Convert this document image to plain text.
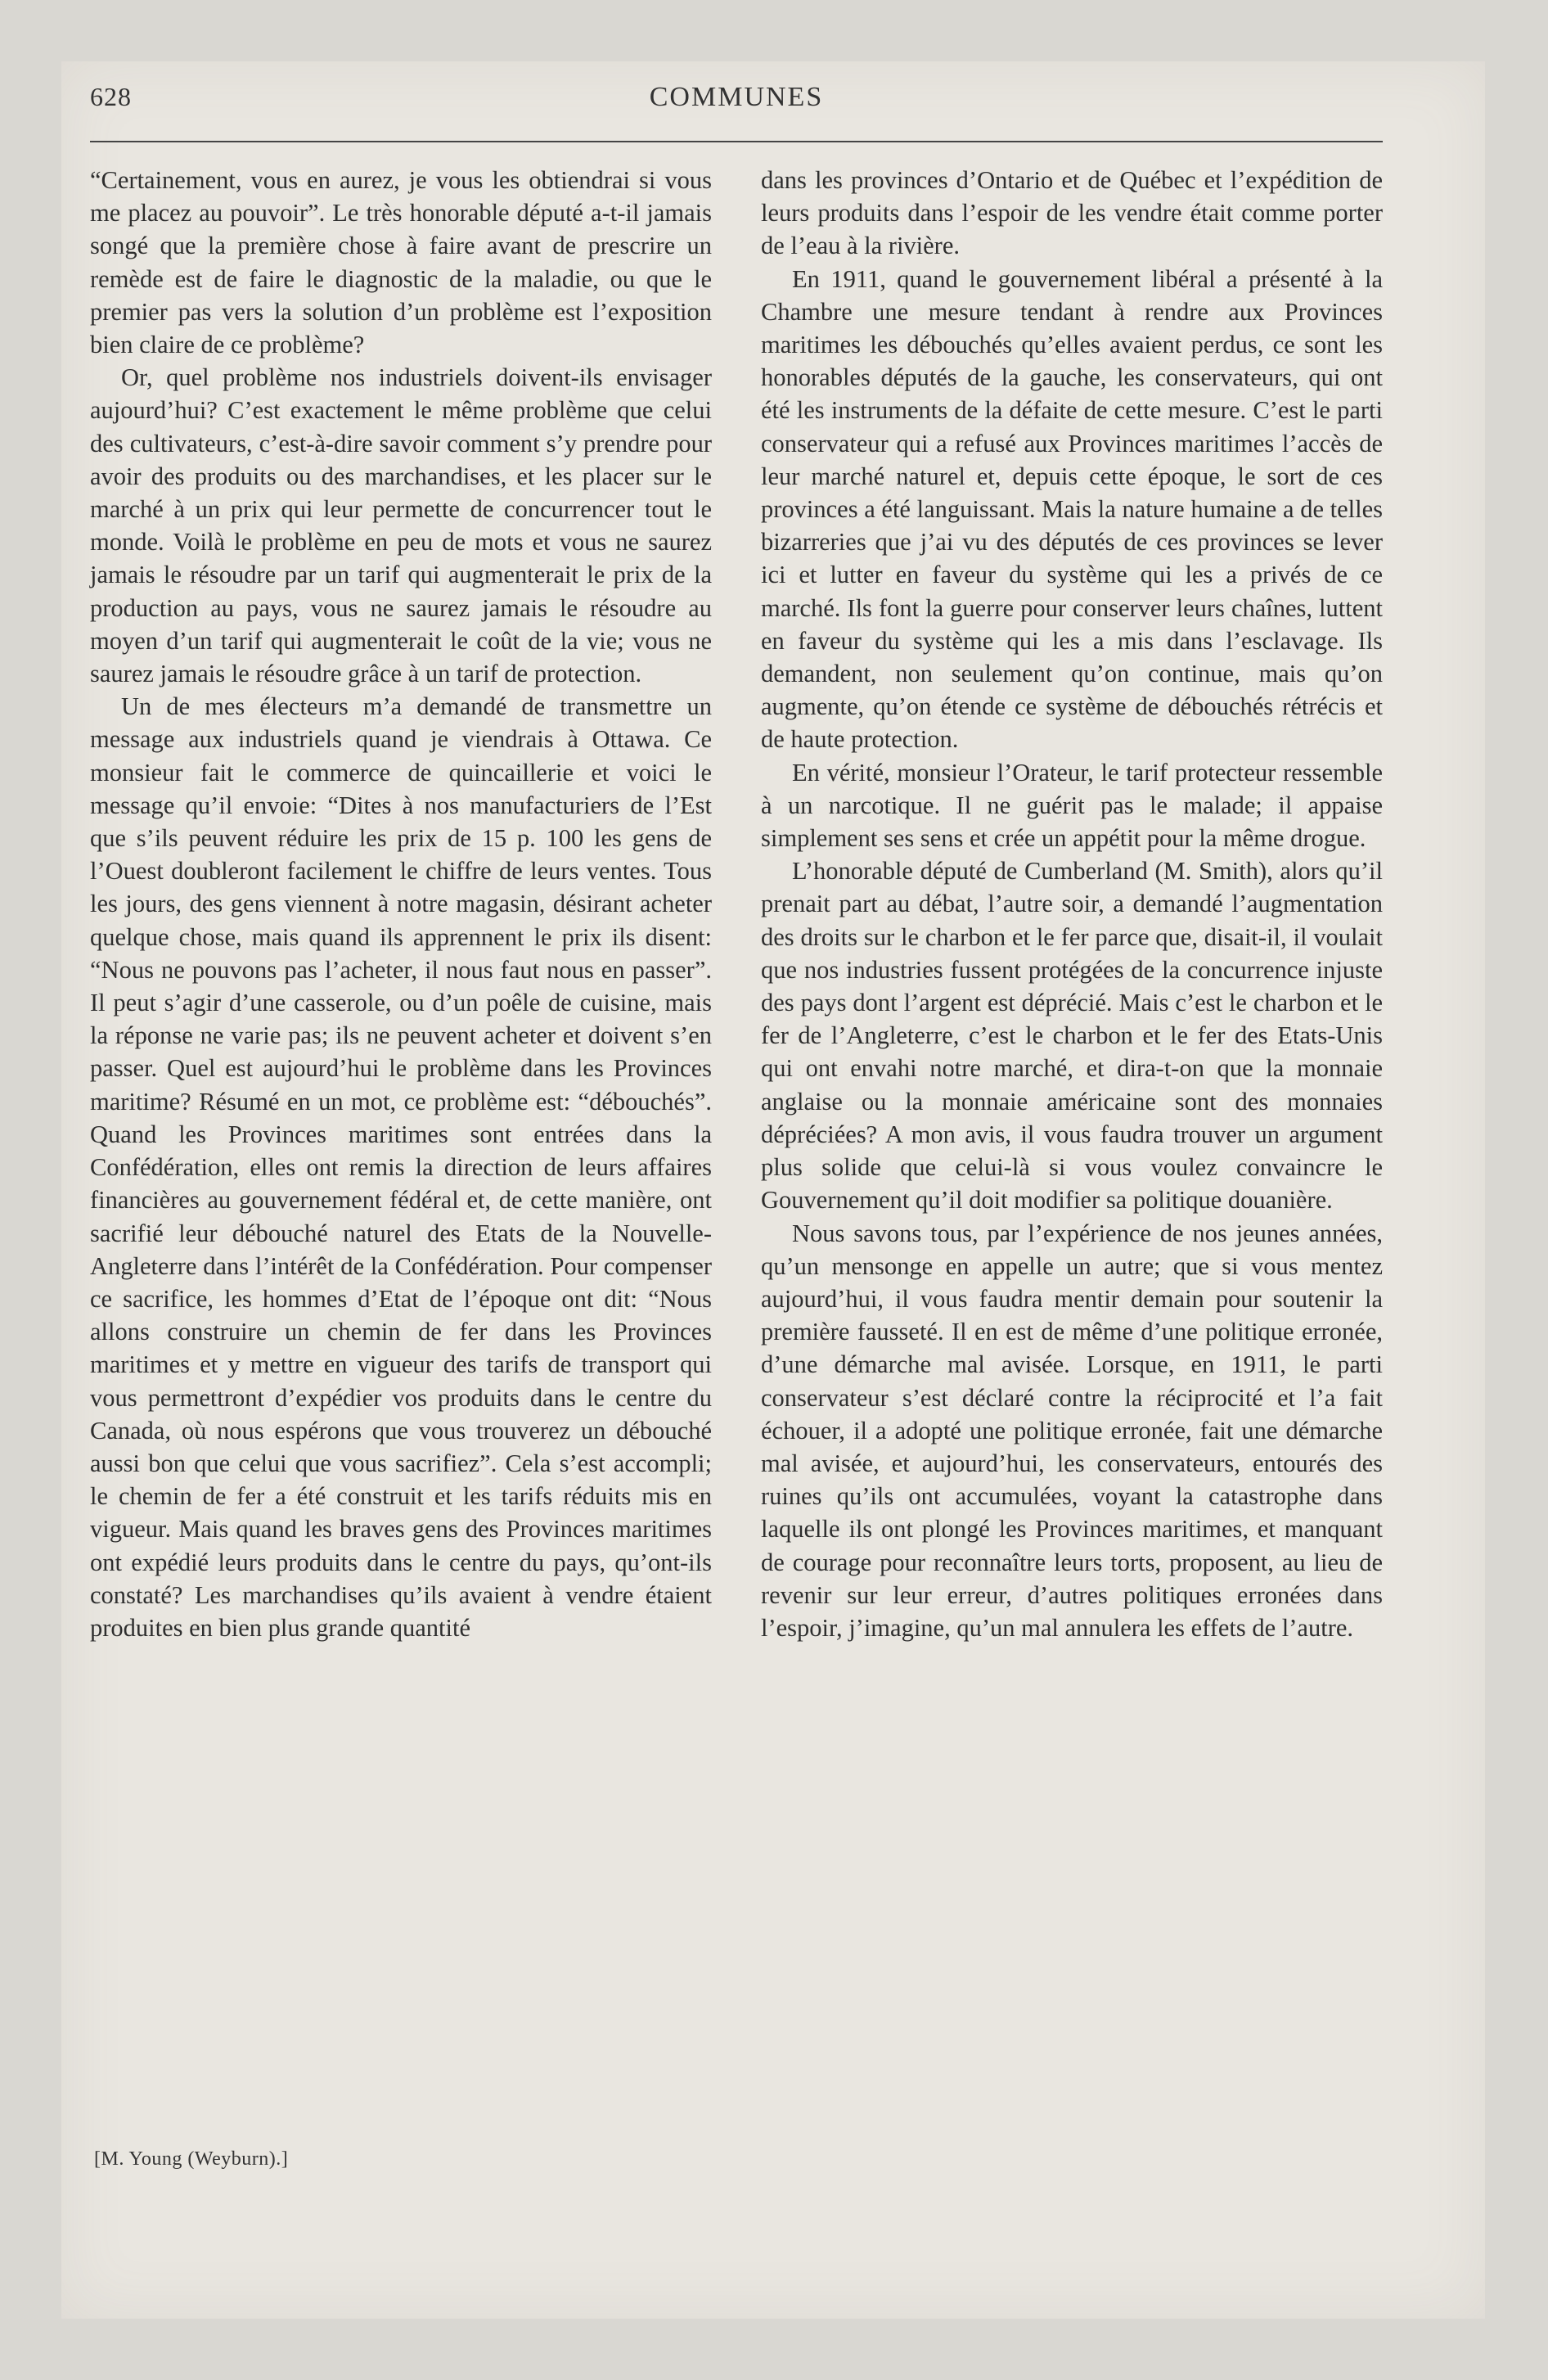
628	COMMUNES

“Certainement, vous en aurez, je vous les obtiendrai si vous me placez au pouvoir”. Le très honorable député a-t-il jamais songé que la première chose à faire avant de prescrire un remède est de faire le diagnostic de la maladie, ou que le premier pas vers la solution d’un problème est l’exposition bien claire de ce problème?

Or, quel problème nos industriels doivent-ils envisager aujourd’hui? C’est exactement le même problème que celui des cultivateurs, c’est-à-dire savoir comment s’y prendre pour avoir des produits ou des marchandises, et les placer sur le marché à un prix qui leur permette de concurrencer tout le monde. Voilà le problème en peu de mots et vous ne saurez jamais le résoudre par un tarif qui augmenterait le prix de la production au pays, vous ne saurez jamais le résoudre au moyen d’un tarif qui augmenterait le coût de la vie; vous ne saurez jamais le résoudre grâce à un tarif de protection.

Un de mes électeurs m’a demandé de transmettre un message aux industriels quand je viendrais à Ottawa. Ce monsieur fait le commerce de quincaillerie et voici le message qu’il envoie: “Dites à nos manufacturiers de l’Est que s’ils peuvent réduire les prix de 15 p. 100 les gens de l’Ouest doubleront facilement le chiffre de leurs ventes. Tous les jours, des gens viennent à notre magasin, désirant acheter quelque chose, mais quand ils apprennent le prix ils disent: “Nous ne pouvons pas l’acheter, il nous faut nous en passer”. Il peut s’agir d’une casserole, ou d’un poêle de cuisine, mais la réponse ne varie pas; ils ne peuvent acheter et doivent s’en passer. Quel est aujourd’hui le problème dans les Provinces maritime? Résumé en un mot, ce problème est: “débouchés”. Quand les Provinces maritimes sont entrées dans la Confédération, elles ont remis la direction de leurs affaires financières au gouvernement fédéral et, de cette manière, ont sacrifié leur débouché naturel des Etats de la Nouvelle-Angleterre dans l’intérêt de la Confédération. Pour compenser ce sacrifice, les hommes d’Etat de l’époque ont dit: “Nous allons construire un chemin de fer dans les Provinces maritimes et y mettre en vigueur des tarifs de transport qui vous permettront d’expédier vos produits dans le centre du Canada, où nous espérons que vous trouverez un débouché aussi bon que celui que vous sacrifiez”. Cela s’est accompli; le chemin de fer a été construit et les tarifs réduits mis en vigueur. Mais quand les braves gens des Provinces maritimes ont expédié leurs produits dans le centre du pays, qu’ont-ils constaté? Les marchandises qu’ils avaient à vendre étaient produites en bien plus grande quantité

dans les provinces d’Ontario et de Québec et l’expédition de leurs produits dans l’espoir de les vendre était comme porter de l’eau à la rivière.

En 1911, quand le gouvernement libéral a présenté à la Chambre une mesure tendant à rendre aux Provinces maritimes les débouchés qu’elles avaient perdus, ce sont les honorables députés de la gauche, les conservateurs, qui ont été les instruments de la défaite de cette mesure. C’est le parti conservateur qui a refusé aux Provinces maritimes l’accès de leur marché naturel et, depuis cette époque, le sort de ces provinces a été languissant. Mais la nature humaine a de telles bizarreries que j’ai vu des députés de ces provinces se lever ici et lutter en faveur du système qui les a privés de ce marché. Ils font la guerre pour conserver leurs chaînes, luttent en faveur du système qui les a mis dans l’esclavage. Ils demandent, non seulement qu’on continue, mais qu’on augmente, qu’on étende ce système de débouchés rétrécis et de haute protection.

En vérité, monsieur l’Orateur, le tarif protecteur ressemble à un narcotique. Il ne guérit pas le malade; il appaise simplement ses sens et crée un appétit pour la même drogue.

L’honorable député de Cumberland (M. Smith), alors qu’il prenait part au débat, l’autre soir, a demandé l’augmentation des droits sur le charbon et le fer parce que, disait-il, il voulait que nos industries fussent protégées de la concurrence injuste des pays dont l’argent est déprécié. Mais c’est le charbon et le fer de l’Angleterre, c’est le charbon et le fer des Etats-Unis qui ont envahi notre marché, et dira-t-on que la monnaie anglaise ou la monnaie américaine sont des monnaies dépréciées? A mon avis, il vous faudra trouver un argument plus solide que celui-là si vous voulez convaincre le Gouvernement qu’il doit modifier sa politique douanière.

Nous savons tous, par l’expérience de nos jeunes années, qu’un mensonge en appelle un autre; que si vous mentez aujourd’hui, il vous faudra mentir demain pour soutenir la première fausseté. Il en est de même d’une politique erronée, d’une démarche mal avisée. Lorsque, en 1911, le parti conservateur s’est déclaré contre la réciprocité et l’a fait échouer, il a adopté une politique erronée, fait une démarche mal avisée, et aujourd’hui, les conservateurs, entourés des ruines qu’ils ont accumulées, voyant la catastrophe dans laquelle ils ont plongé les Provinces maritimes, et manquant de courage pour reconnaître leurs torts, proposent, au lieu de revenir sur leur erreur, d’autres politiques erronées dans l’espoir, j’imagine, qu’un mal annulera les effets de l’autre.

[M. Young (Weyburn).]
